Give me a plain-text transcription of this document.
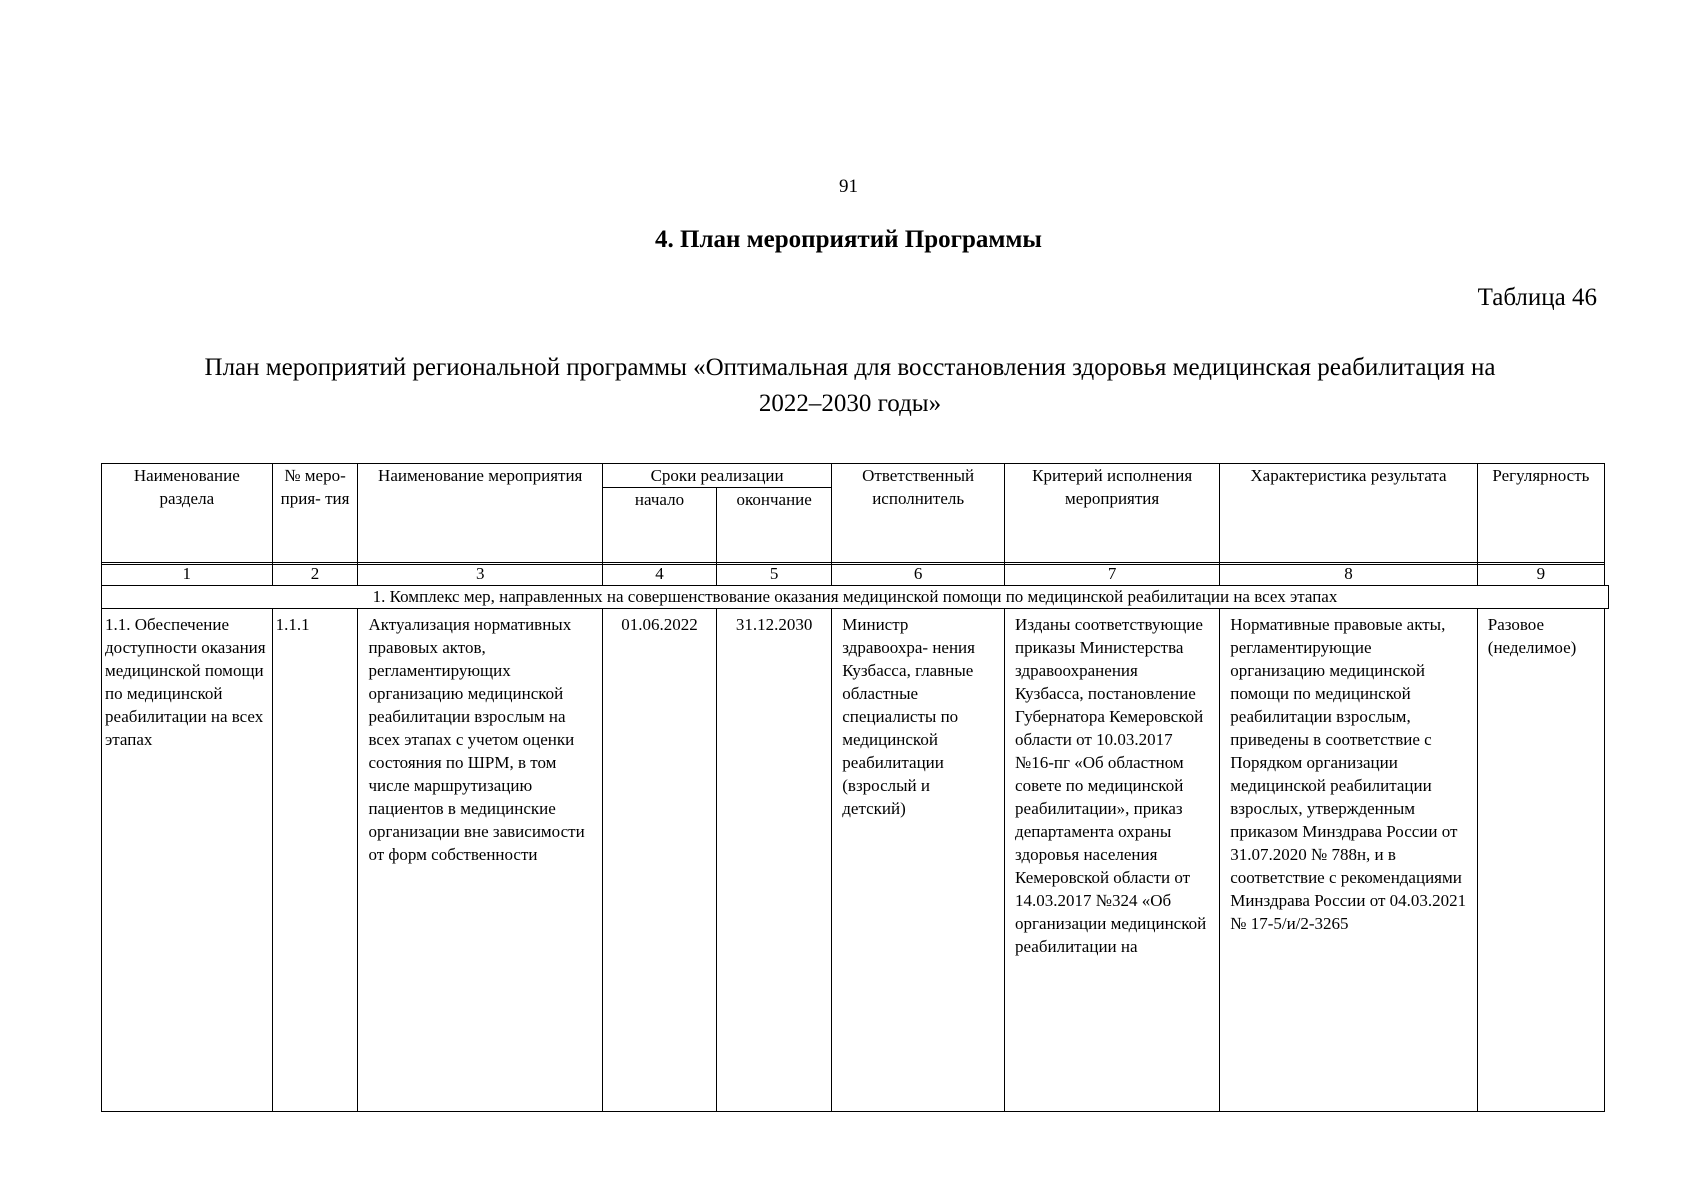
91
4. План мероприятий Программы
Таблица 46
План мероприятий региональной программы «Оптимальная для восстановления здоровья медицинская реабилитация на
2022–2030 годы»
Наименование раздела	№ меро- прия- тия	Наименование мероприятия	Сроки реализации		Ответственный исполнитель	Критерий исполнения мероприятия	Характеристика результата	Регулярность
			начало	окончание				
1	2	3	4	5	6	7	8	9
1. Комплекс мер, направленных на совершенствование оказания медицинской помощи по медицинской реабилитации на всех этапах
1.1. Обеспечение доступности оказания медицинской помощи по медицинской реабилитации на всех этапах	1.1.1	Актуализация нормативных правовых актов, регламентирующих организацию медицинской реабилитации взрослым на всех этапах с учетом оценки состояния по ШРМ, в том числе маршрутизацию пациентов в медицинские организации вне зависимости от форм собственности	01.06.2022	31.12.2030	Министр здравоохра- нения Кузбасса, главные областные специалисты по медицинской реабилитации (взрослый и детский)	Изданы соответствующие приказы Министерства здравоохранения Кузбасса, постановление Губернатора Кемеровской области от 10.03.2017 №16-пг «Об областном совете по медицинской реабилитации», приказ департамента охраны здоровья населения Кемеровской области от 14.03.2017 №324 «Об организации медицинской реабилитации на	Нормативные правовые акты, регламентирующие организацию медицинской помощи по медицинской реабилитации взрослым, приведены в соответствие с Порядком организации медицинской реабилитации взрослых, утвержденным приказом Минздрава России от 31.07.2020 № 788н, и в соответствие с рекомендациями Минздрава России от 04.03.2021 № 17-5/и/2-3265	Разовое (неделимое)
